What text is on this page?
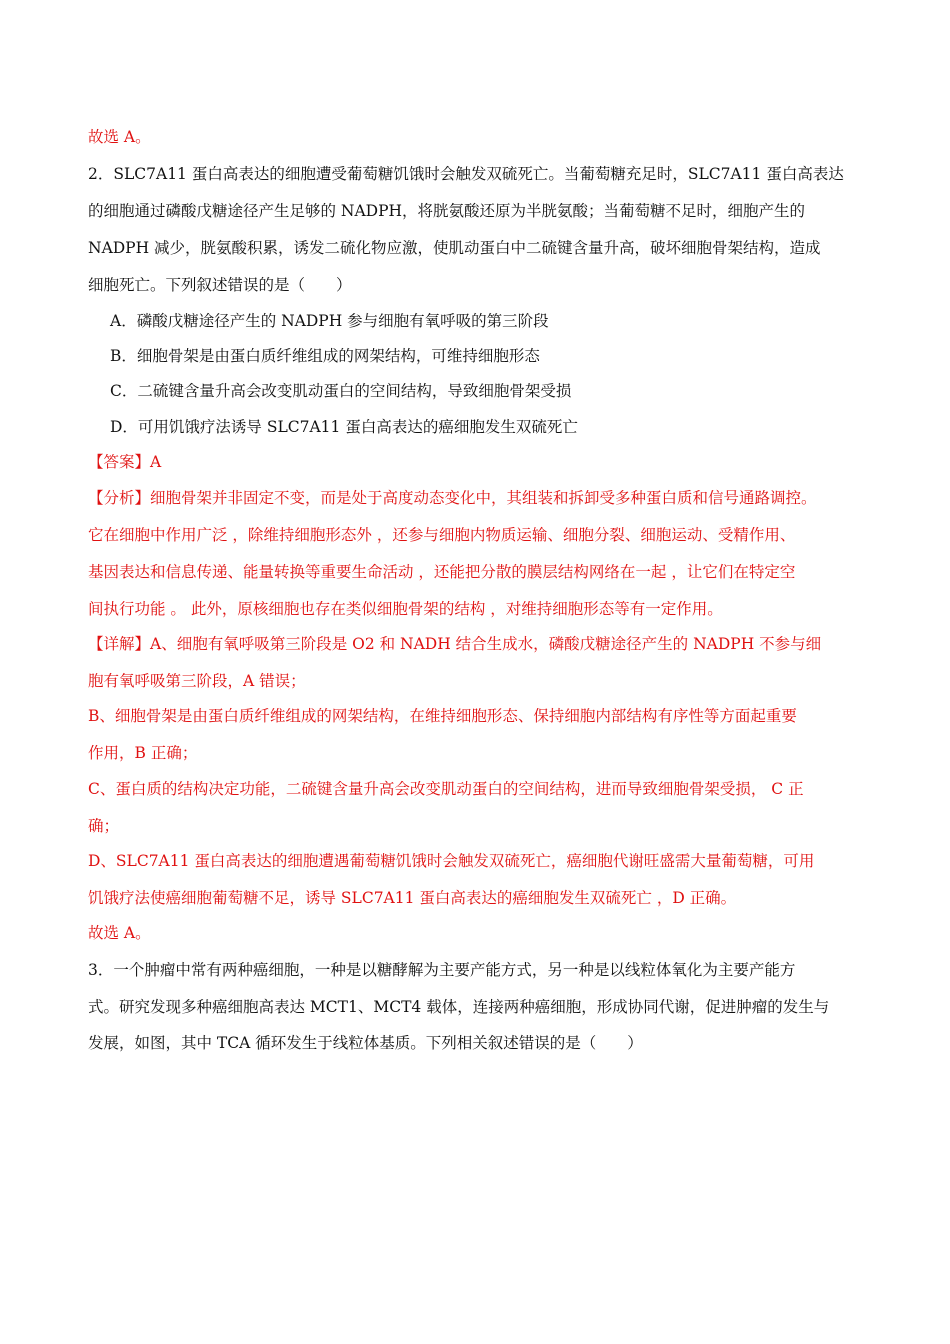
故选 A。
2．SLC7A11 蛋白高表达的细胞遭受葡萄糖饥饿时会触发双硫死亡。当葡萄糖充足时，SLC7A11 蛋白高表达
的细胞通过磷酸戊糖途径产生足够的 NADPH，将胱氨酸还原为半胱氨酸；当葡萄糖不足时，细胞产生的
NADPH 减少，胱氨酸积累，诱发二硫化物应激，使肌动蛋白中二硫键含量升高，破坏细胞骨架结构，造成
细胞死亡。下列叙述错误的是（　　）
A．磷酸戊糖途径产生的 NADPH 参与细胞有氧呼吸的第三阶段
B．细胞骨架是由蛋白质纤维组成的网架结构，可维持细胞形态
C．二硫键含量升高会改变肌动蛋白的空间结构，导致细胞骨架受损
D．可用饥饿疗法诱导 SLC7A11 蛋白高表达的癌细胞发生双硫死亡
【答案】A
【分析】细胞骨架并非固定不变，而是处于高度动态变化中，其组装和拆卸受多种蛋白质和信号通路调控。
它在细胞中作用广泛 ，除维持细胞形态外 ，还参与细胞内物质运输、细胞分裂、细胞运动、受精作用、
基因表达和信息传递、能量转换等重要生命活动 ，还能把分散的膜层结构网络在一起 ，让它们在特定空
间执行功能 。 此外，原核细胞也存在类似细胞骨架的结构 ，对维持细胞形态等有一定作用。
【详解】A、细胞有氧呼吸第三阶段是 O2 和 NADH 结合生成水，磷酸戊糖途径产生的 NADPH 不参与细
胞有氧呼吸第三阶段，A 错误；
B、细胞骨架是由蛋白质纤维组成的网架结构，在维持细胞形态、保持细胞内部结构有序性等方面起重要
作用，B 正确；
C、蛋白质的结构决定功能，二硫键含量升高会改变肌动蛋白的空间结构，进而导致细胞骨架受损， C 正
确；
D、SLC7A11 蛋白高表达的细胞遭遇葡萄糖饥饿时会触发双硫死亡，癌细胞代谢旺盛需大量葡萄糖，可用
饥饿疗法使癌细胞葡萄糖不足，诱导 SLC7A11 蛋白高表达的癌细胞发生双硫死亡 ，D 正确。
故选 A。
3．一个肿瘤中常有两种癌细胞，一种是以糖酵解为主要产能方式，另一种是以线粒体氧化为主要产能方
式。研究发现多种癌细胞高表达 MCT1、MCT4 载体，连接两种癌细胞，形成协同代谢，促进肿瘤的发生与
发展，如图，其中 TCA 循环发生于线粒体基质。下列相关叙述错误的是（　　）
